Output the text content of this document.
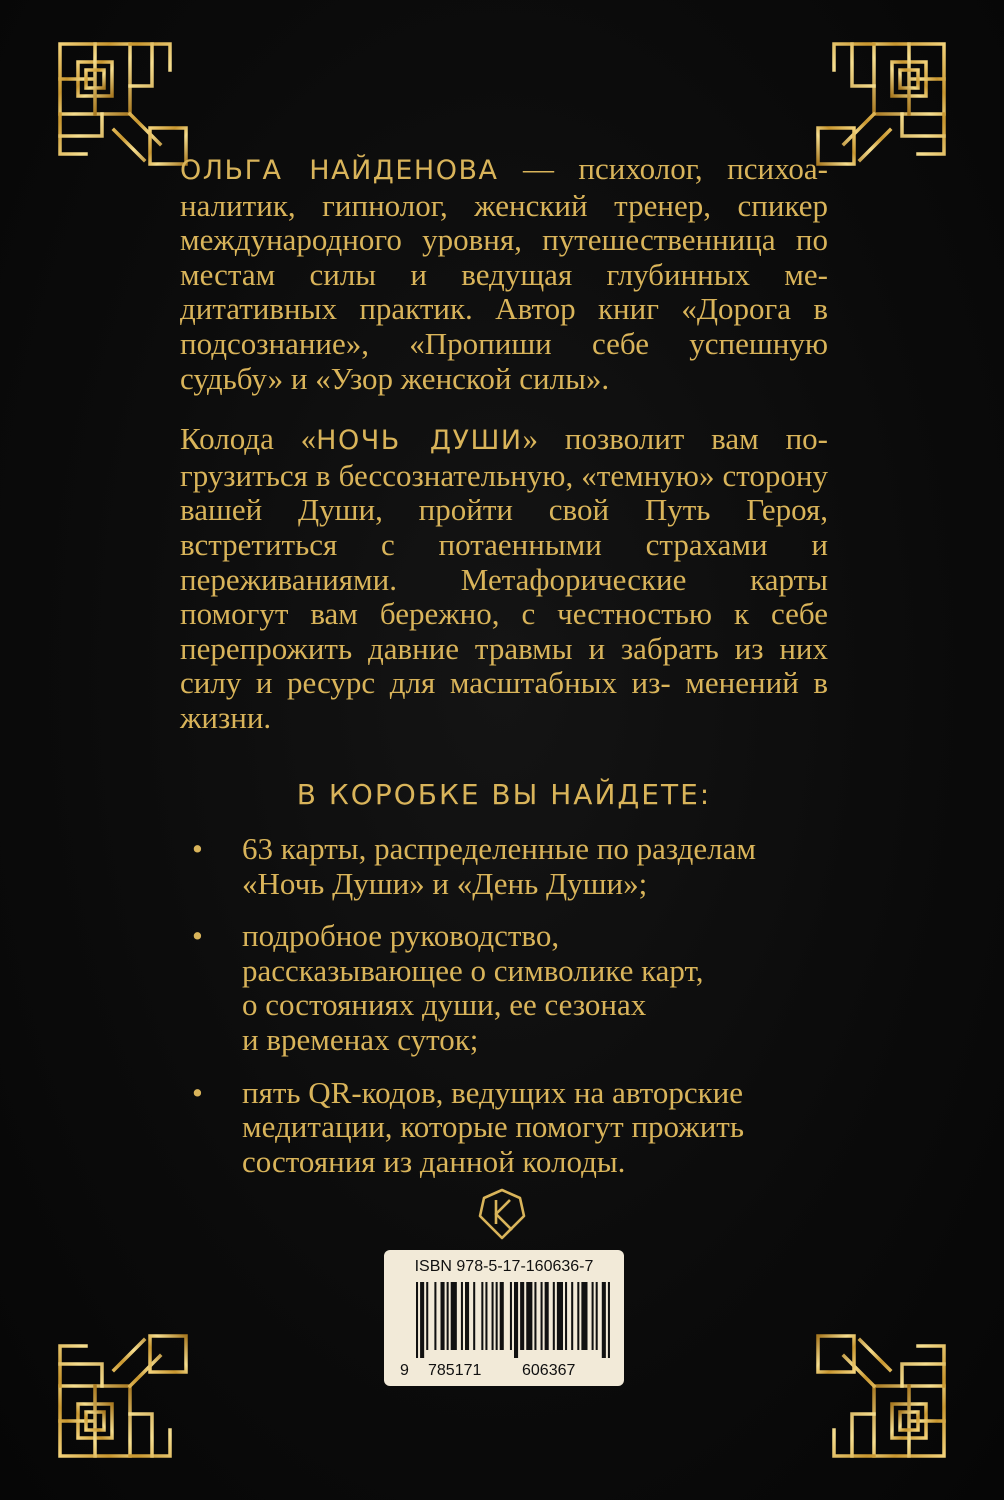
ОЛЬГА НАЙДЕНОВА — психолог, психоа- налитик, гипнолог, женский тренер, спикер международного уровня, путешественница по местам силы и ведущая глубинных ме- дитативных практик. Автор книг «Дорога в подсознание», «Пропиши себе успешную судьбу» и «Узор женской силы».

Колода «НОЧЬ ДУШИ» позволит вам по- грузиться в бессознательную, «темную» сторону вашей Души, пройти свой Путь Героя, встретиться с потаенными страхами и переживаниями. Метафорические карты помогут вам бережно, с честностью к себе перепрожить давние травмы и забрать из них силу и ресурс для масштабных из- менений в жизни.

В КОРОБКЕ ВЫ НАЙДЕТЕ:
• 63 карты, распределенные по разделам
«Ночь Души» и «День Души»;
• подробное руководство,
рассказывающее о символике карт,
о состояниях души, ее сезонах
и временах суток;
• пять QR-кодов, ведущих на авторские
медитации, которые помогут прожить
состояния из данной колоды.
ISBN 978-5-17-160636-7
9 785171	606367
